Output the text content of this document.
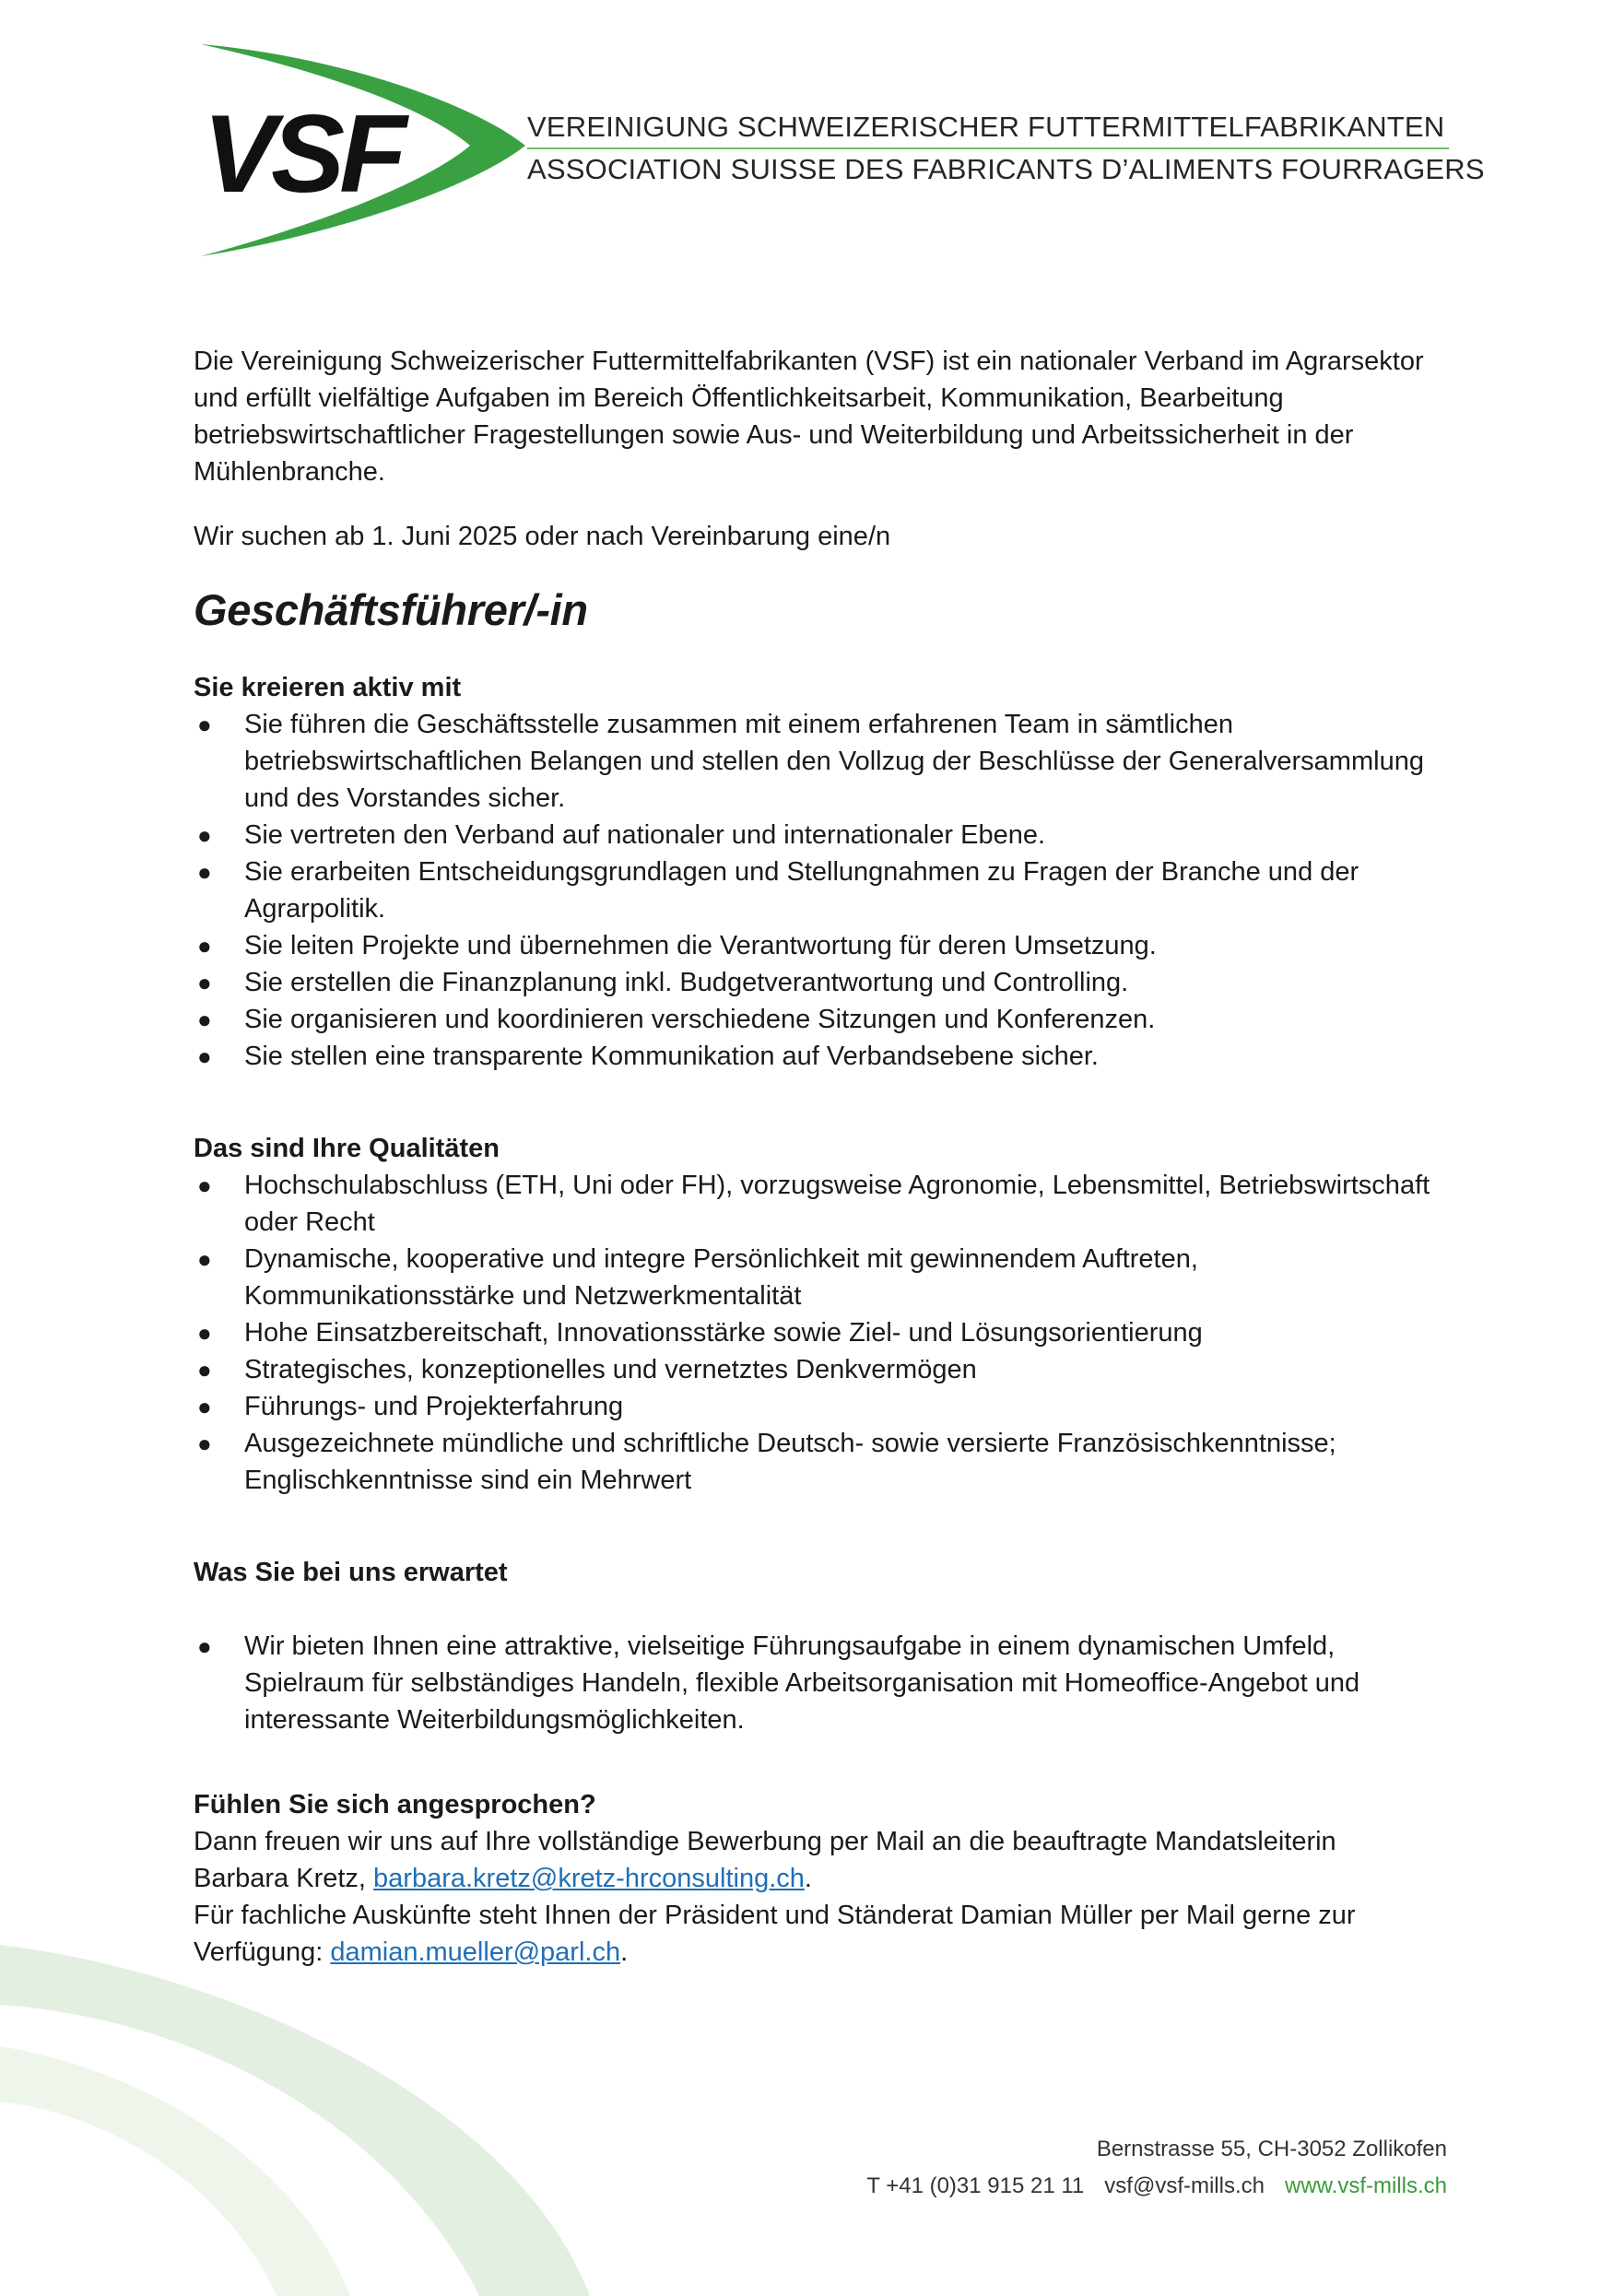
VSF	VEREINIGUNG SCHWEIZERISCHER FUTTERMITTELFABRIKANTEN
ASSOCIATION SUISSE DES FABRICANTS D’ALIMENTS FOURRAGERS

Die Vereinigung Schweizerischer Futtermittelfabrikanten (VSF) ist ein nationaler Verband im Agrarsektor und erfüllt vielfältige Aufgaben im Bereich Öffentlichkeitsarbeit, Kommunikation, Bearbeitung betriebswirtschaftlicher Fragestellungen sowie Aus- und Weiterbildung und Arbeitssicherheit in der Mühlenbranche.

Wir suchen ab 1. Juni 2025 oder nach Vereinbarung eine/n

Geschäftsführer/-in

Sie kreieren aktiv mit

● Sie führen die Geschäftsstelle zusammen mit einem erfahrenen Team in sämtlichen betriebswirtschaftlichen Belangen und stellen den Vollzug der Beschlüsse der Generalversammlung und des Vorstandes sicher.
● Sie vertreten den Verband auf nationaler und internationaler Ebene.
● Sie erarbeiten Entscheidungsgrundlagen und Stellungnahmen zu Fragen der Branche und der Agrarpolitik.
● Sie leiten Projekte und übernehmen die Verantwortung für deren Umsetzung.
● Sie erstellen die Finanzplanung inkl. Budgetverantwortung und Controlling.
● Sie organisieren und koordinieren verschiedene Sitzungen und Konferenzen.
● Sie stellen eine transparente Kommunikation auf Verbandsebene sicher.

Das sind Ihre Qualitäten

● Hochschulabschluss (ETH, Uni oder FH), vorzugsweise Agronomie, Lebensmittel, Betriebswirtschaft oder Recht
● Dynamische, kooperative und integre Persönlichkeit mit gewinnendem Auftreten, Kommunikationsstärke und Netzwerkmentalität
● Hohe Einsatzbereitschaft, Innovationsstärke sowie Ziel- und Lösungsorientierung
● Strategisches, konzeptionelles und vernetztes Denkvermögen
● Führungs- und Projekterfahrung
● Ausgezeichnete mündliche und schriftliche Deutsch- sowie versierte Französischkenntnisse; Englischkenntnisse sind ein Mehrwert

Was Sie bei uns erwartet

● Wir bieten Ihnen eine attraktive, vielseitige Führungsaufgabe in einem dynamischen Umfeld, Spielraum für selbständiges Handeln, flexible Arbeitsorganisation mit Homeoffice-Angebot und interessante Weiterbildungsmöglichkeiten.

Fühlen Sie sich angesprochen?

Dann freuen wir uns auf Ihre vollständige Bewerbung per Mail an die beauftragte Mandatsleiterin Barbara Kretz, barbara.kretz@kretz-hrconsulting.ch.

Für fachliche Auskünfte steht Ihnen der Präsident und Ständerat Damian Müller per Mail gerne zur Verfügung: damian.mueller@parl.ch.

Bernstrasse 55, CH-3052 Zollikofen
T +41 (0)31 915 21 11 vsf@vsf-mills.ch www.vsf-mills.ch
